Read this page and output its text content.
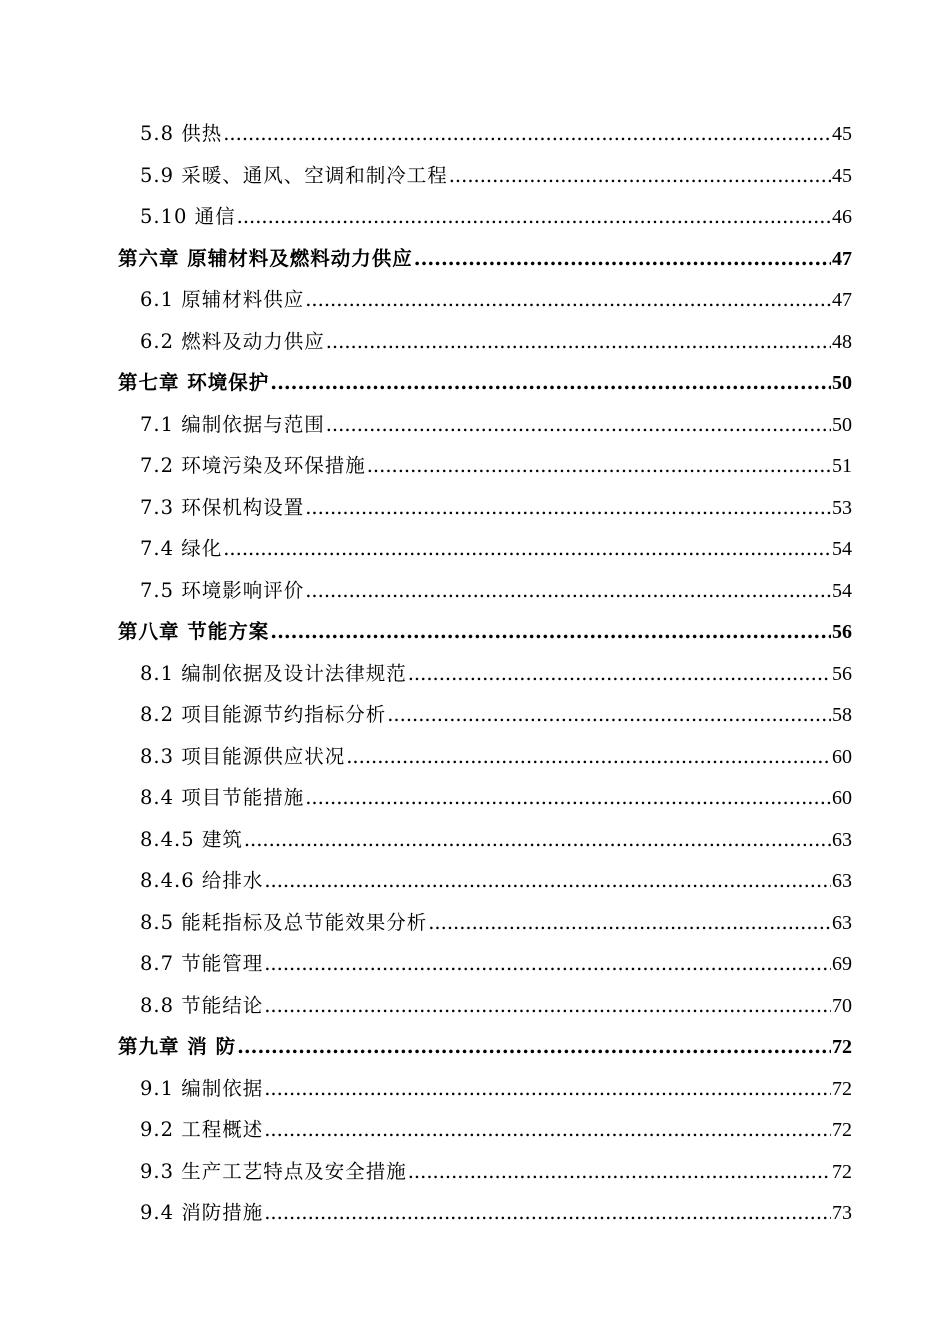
5.8 供热 .....	45
5.9 采暖、通风、空调和制冷工程 .....	45
5.10 通信 .....	46
第六章 原辅材料及燃料动力供应 .....	47
6.1 原辅材料供应 .....	47
6.2 燃料及动力供应 .....	48
第七章 环境保护 .....	50
7.1 编制依据与范围 .....	50
7.2 环境污染及环保措施 .....	51
7.3 环保机构设置 .....	53
7.4 绿化 .....	54
7.5 环境影响评价 .....	54
第八章 节能方案 .....	56
8.1 编制依据及设计法律规范 .....	56
8.2 项目能源节约指标分析 .....	58
8.3 项目能源供应状况 .....	60
8.4 项目节能措施 .....	60
8.4.5 建筑 .....	63
8.4.6 给排水 .....	63
8.5 能耗指标及总节能效果分析 .....	63
8.7 节能管理 .....	69
8.8 节能结论 .....	70
第九章 消 防 .....	72
9.1 编制依据 .....	72
9.2 工程概述 .....	72
9.3 生产工艺特点及安全措施 .....	72
9.4 消防措施 .....	73
